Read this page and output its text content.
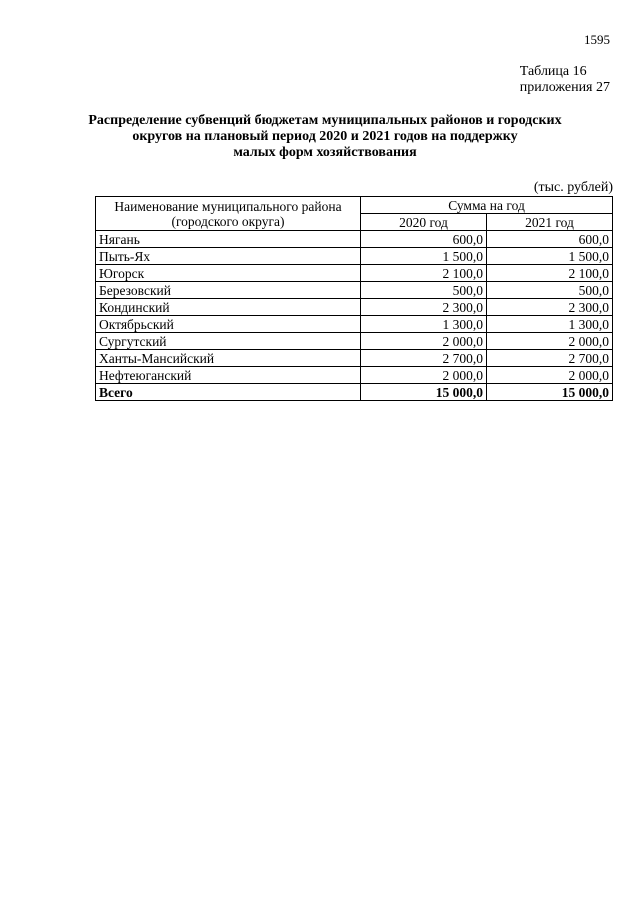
1595
Таблица 16
приложения 27
Распределение субвенций бюджетам муниципальных районов и городских
округов на плановый период 2020 и 2021 годов на поддержку
малых форм хозяйствования
(тыс. рублей)
Наименование муниципального района
(городского округа)	Сумма на год	
	2020 год	2021 год
Нягань	600,0	600,0
Пыть-Ях	1 500,0	1 500,0
Югорск	2 100,0	2 100,0
Березовский	500,0	500,0
Кондинский	2 300,0	2 300,0
Октябрьский	1 300,0	1 300,0
Сургутский	2 000,0	2 000,0
Ханты-Мансийский	2 700,0	2 700,0
Нефтеюганский	2 000,0	2 000,0
Всего	15 000,0	15 000,0
